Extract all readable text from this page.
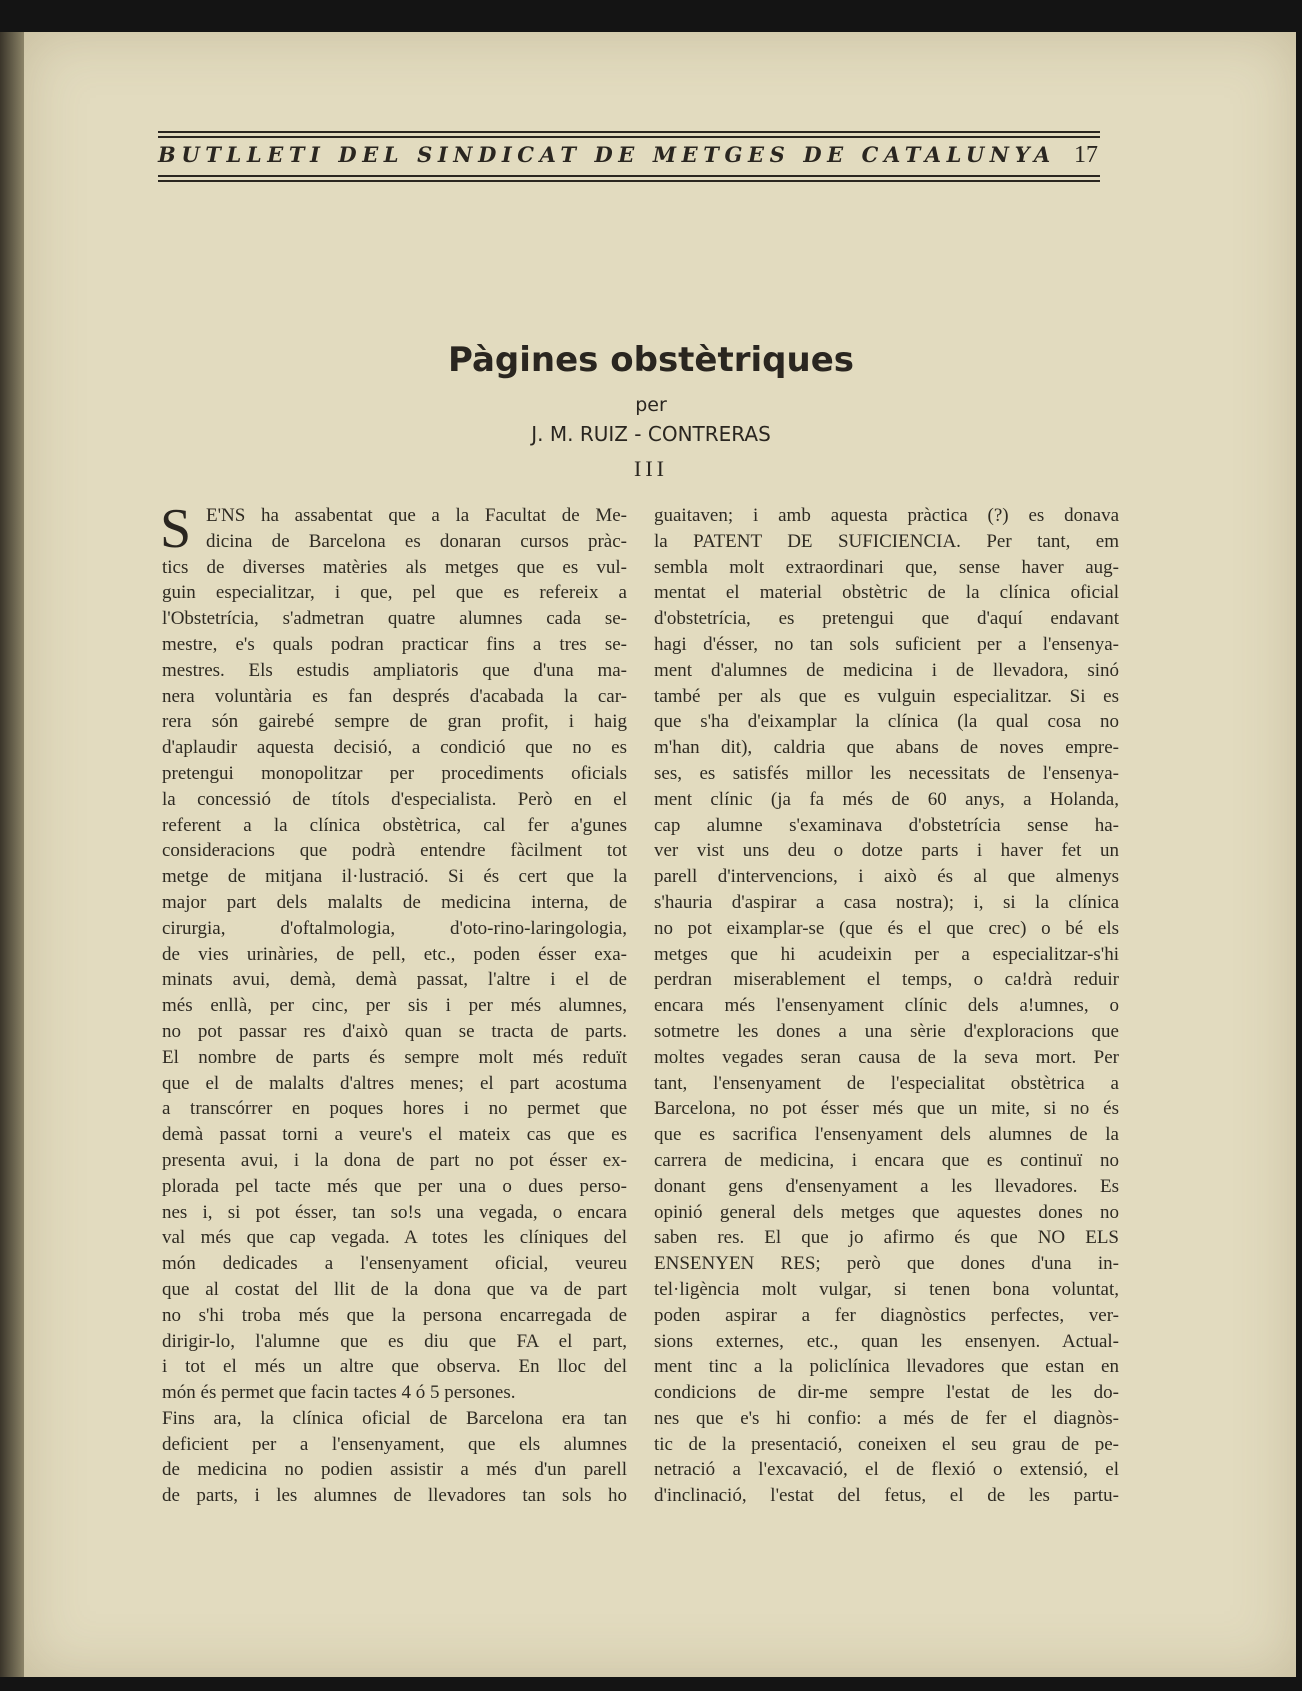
BUTLLETI DEL SINDICAT DE METGES DE CATALUNYA 17
Pàgines obstètriques
per
J. M. RUIZ - CONTRERAS
III
S E'NS ha assabentat que a la Facultat de Me-
dicina de Barcelona es donaran cursos pràc-
tics de diverses matèries als metges que es vul-
guin especialitzar, i que, pel que es refereix a
l'Obstetrícia, s'admetran quatre alumnes cada se-
mestre, e's quals podran practicar fins a tres se-
mestres. Els estudis ampliatoris que d'una ma-
nera voluntària es fan després d'acabada la car-
rera són gairebé sempre de gran profit, i haig
d'aplaudir aquesta decisió, a condició que no es
pretengui monopolitzar per procediments oficials
la concessió de títols d'especialista. Però en el
referent a la clínica obstètrica, cal fer a'gunes
consideracions que podrà entendre fàcilment tot
metge de mitjana il·lustració. Si és cert que la
major part dels malalts de medicina interna, de
cirurgia, d'oftalmologia, d'oto-rino-laringologia,
de vies urinàries, de pell, etc., poden ésser exa-
minats avui, demà, demà passat, l'altre i el de
més enllà, per cinc, per sis i per més alumnes,
no pot passar res d'això quan se tracta de parts.
El nombre de parts és sempre molt més reduït
que el de malalts d'altres menes; el part acostuma
a transcórrer en poques hores i no permet que
demà passat torni a veure's el mateix cas que es
presenta avui, i la dona de part no pot ésser ex-
plorada pel tacte més que per una o dues perso-
nes i, si pot ésser, tan so!s una vegada, o encara
val més que cap vegada. A totes les clíniques del
món dedicades a l'ensenyament oficial, veureu
que al costat del llit de la dona que va de part
no s'hi troba més que la persona encarregada de
dirigir-lo, l'alumne que es diu que FA el part,
i tot el més un altre que observa. En lloc del
món és permet que facin tactes 4 ó 5 persones.
Fins ara, la clínica oficial de Barcelona era tan
deficient per a l'ensenyament, que els alumnes
de medicina no podien assistir a més d'un parell
de parts, i les alumnes de llevadores tan sols ho
guaitaven; i amb aquesta pràctica (?) es donava
la PATENT DE SUFICIENCIA. Per tant, em
sembla molt extraordinari que, sense haver aug-
mentat el material obstètric de la clínica oficial
d'obstetrícia, es pretengui que d'aquí endavant
hagi d'ésser, no tan sols suficient per a l'ensenya-
ment d'alumnes de medicina i de llevadora, sinó
també per als que es vulguin especialitzar. Si es
que s'ha d'eixamplar la clínica (la qual cosa no
m'han dit), caldria que abans de noves empre-
ses, es satisfés millor les necessitats de l'ensenya-
ment clínic (ja fa més de 60 anys, a Holanda,
cap alumne s'examinava d'obstetrícia sense ha-
ver vist uns deu o dotze parts i haver fet un
parell d'intervencions, i això és al que almenys
s'hauria d'aspirar a casa nostra); i, si la clínica
no pot eixamplar-se (que és el que crec) o bé els
metges que hi acudeixin per a especialitzar-s'hi
perdran miserablement el temps, o ca!drà reduir
encara més l'ensenyament clínic dels a!umnes, o
sotmetre les dones a una sèrie d'exploracions que
moltes vegades seran causa de la seva mort. Per
tant, l'ensenyament de l'especialitat obstètrica a
Barcelona, no pot ésser més que un mite, si no és
que es sacrifica l'ensenyament dels alumnes de la
carrera de medicina, i encara que es continuï no
donant gens d'ensenyament a les llevadores. Es
opinió general dels metges que aquestes dones no
saben res. El que jo afirmo és que NO ELS
ENSENYEN RES; però que dones d'una in-
tel·ligència molt vulgar, si tenen bona voluntat,
poden aspirar a fer diagnòstics perfectes, ver-
sions externes, etc., quan les ensenyen. Actual-
ment tinc a la policlínica llevadores que estan en
condicions de dir-me sempre l'estat de les do-
nes que e's hi confio: a més de fer el diagnòs-
tic de la presentació, coneixen el seu grau de pe-
netració a l'excavació, el de flexió o extensió, el
d'inclinació, l'estat del fetus, el de les partu-
